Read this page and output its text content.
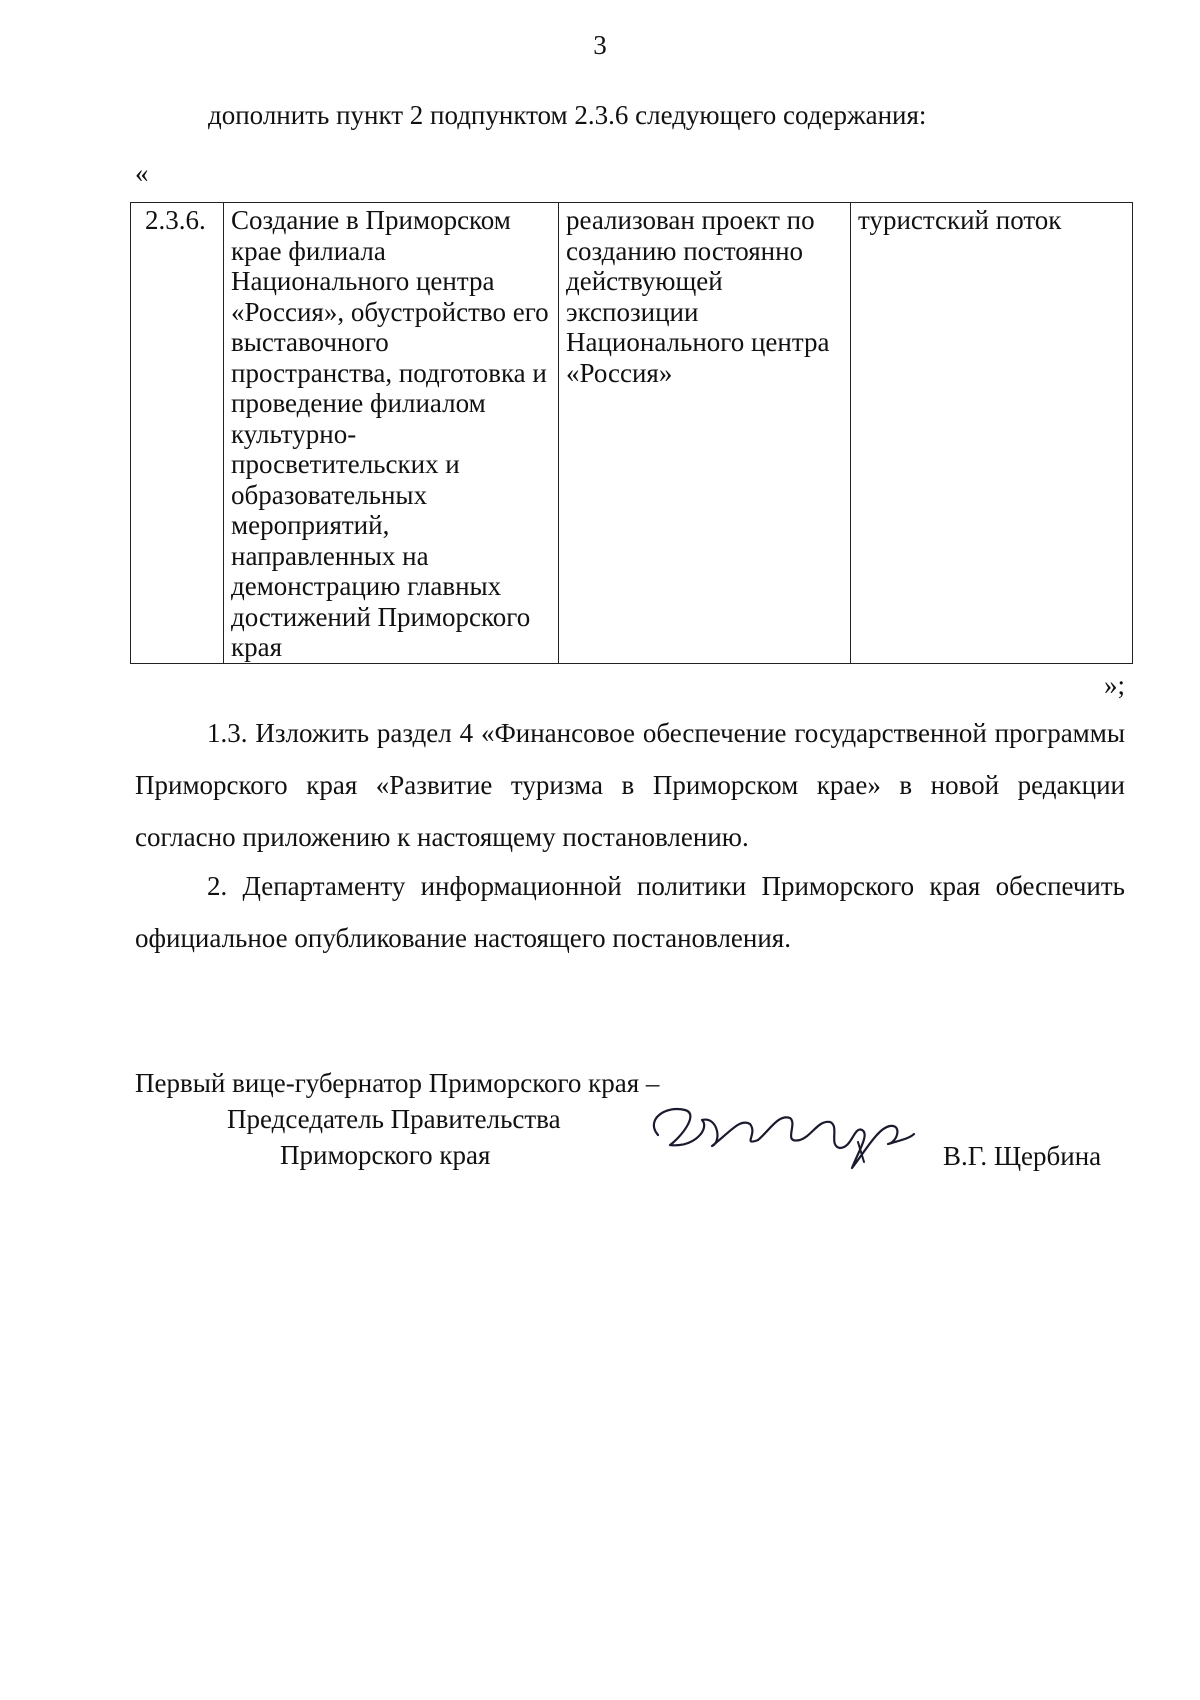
3
дополнить пункт 2 подпунктом 2.3.6 следующего содержания:
«
2.3.6.	Создание в Приморском крае филиала Национального центра «Россия», обустройство его выставочного пространства, подготовка и проведение филиалом культурно-просветительских и образовательных мероприятий, направленных на демонстрацию главных достижений Приморского края	реализован проект по созданию постоянно действующей экспозиции Национального центра «Россия»	туристский поток
»;
1.3. Изложить раздел 4 «Финансовое обеспечение государственной программы Приморского края «Развитие туризма в Приморском крае» в новой редакции согласно приложению к настоящему постановлению.
2. Департаменту информационной политики Приморского края обеспечить официальное опубликование настоящего постановления.
Первый вице-губернатор Приморского края –
Председатель Правительства
Приморского края	В.Г. Щербина
